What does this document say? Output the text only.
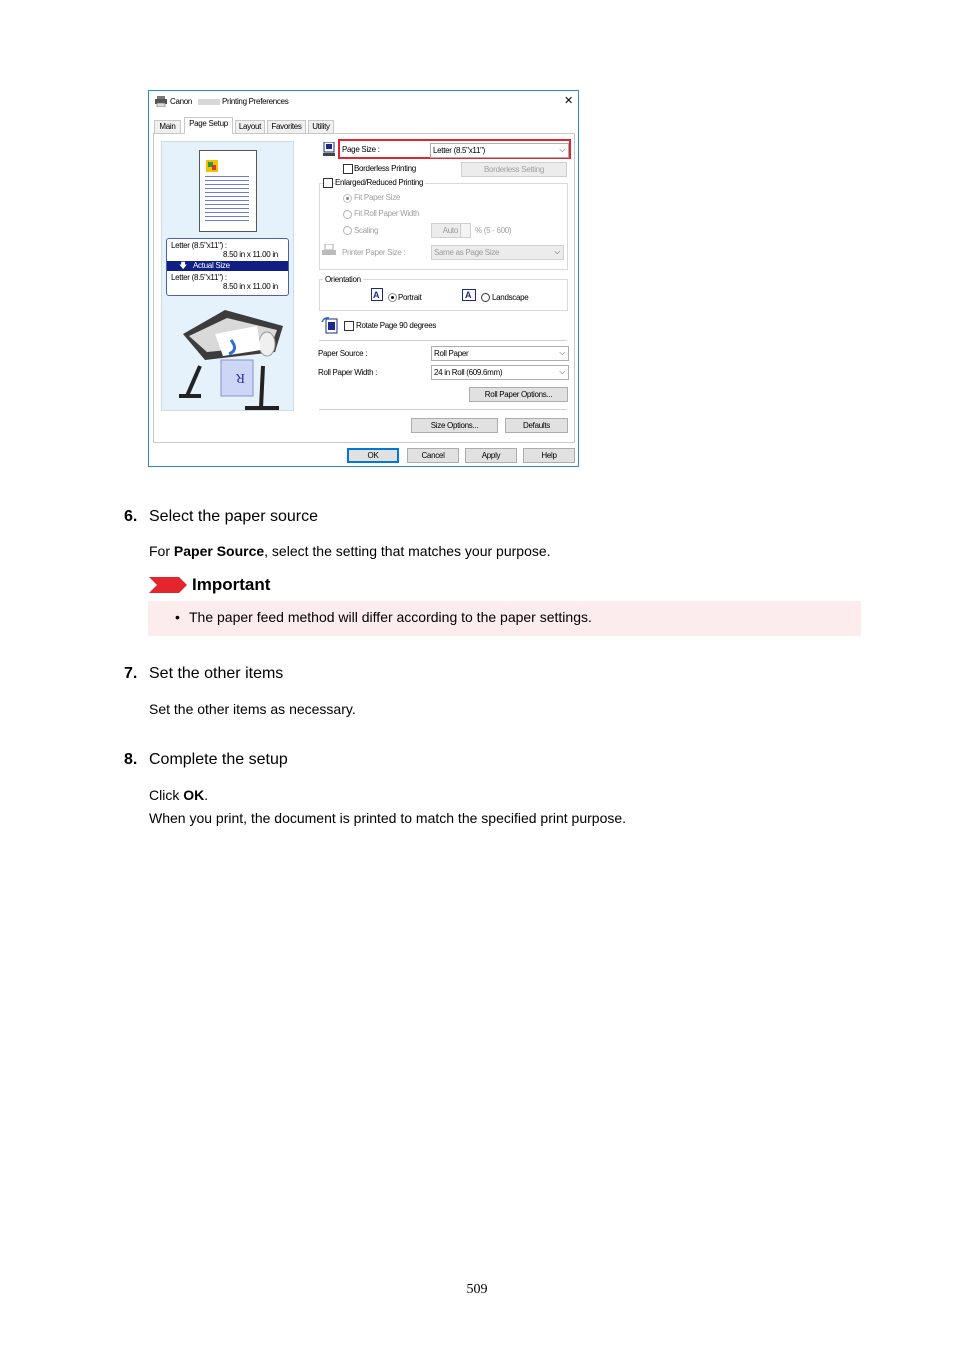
Canon	Printing Preferences	✕
Main	Page Setup	Layout	Favorites	Utility
Letter (8.5"x11") :
8.50 in x 11.00 in
🡇 Actual Size
Letter (8.5"x11") :
8.50 in x 11.00 in
R
Page Size :	Letter (8.5"x11")	⌵
Borderless Printing	Borderless Setting
Enlarged/Reduced Printing
Fit Paper Size
Fit Roll Paper Width
Scaling	Auto	% (5 - 600)
Printer Paper Size :	Same as Page Size	⌵
Orientation
A Portrait	A	Landscape
Rotate Page 90 degrees
Paper Source :	Roll Paper	⌵
Roll Paper Width :	24 in Roll (609.6mm)	⌵
Roll Paper Options...
Size Options...	Defaults
OK	Cancel	Apply	Help
6. Select the paper source
For Paper Source, select the setting that matches your purpose.
Important
• The paper feed method will differ according to the paper settings.
7. Set the other items
Set the other items as necessary.
8. Complete the setup
Click OK.
When you print, the document is printed to match the specified print purpose.
509
